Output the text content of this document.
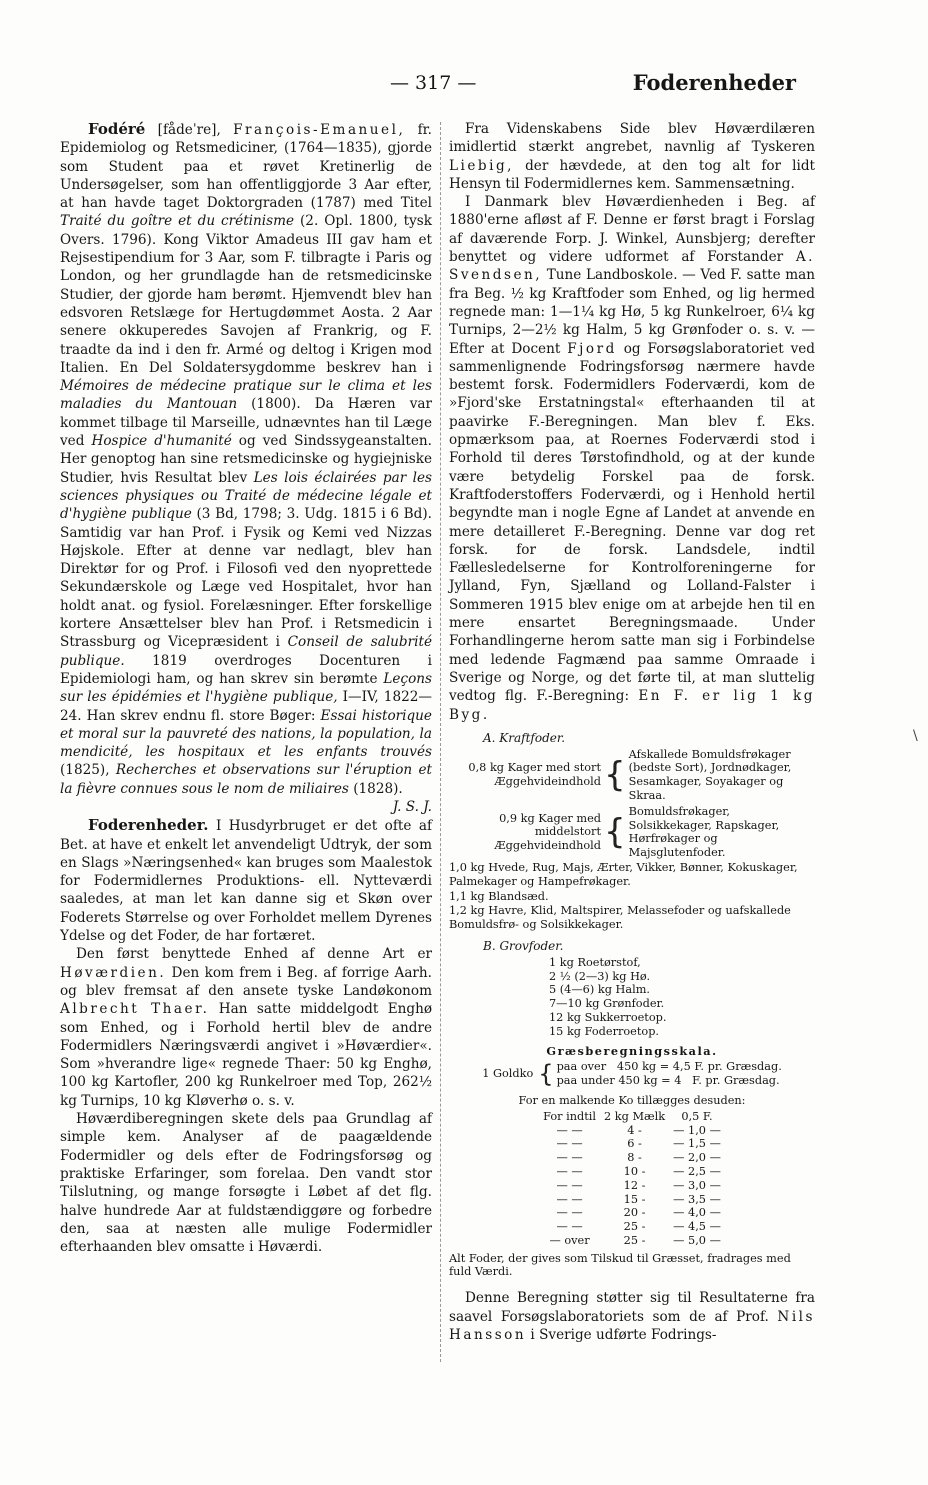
— 317 —	Foderenheder

Fodéré [fådeˈre], François-Emanuel, fr. Epidemiolog og Retsmediciner, (1764—1835), gjorde som Student paa et røvet Kretinerlig de Undersøgelser, som han offentliggjorde 3 Aar efter, at han havde taget Doktorgraden (1787) med Titel Traité du goître et du crétinisme (2. Opl. 1800, tysk Overs. 1796). Kong Viktor Amadeus III gav ham et Rejsestipendium for 3 Aar, som F. tilbragte i Paris og London, og her grundlagde han de retsmedicinske Studier, der gjorde ham berømt. Hjemvendt blev han edsvoren Retslæge for Hertugdømmet Aosta. 2 Aar senere okkuperedes Savojen af Frankrig, og F. traadte da ind i den fr. Armé og deltog i Krigen mod Italien. En Del Soldatersygdomme beskrev han i Mémoires de médecine pratique sur le clima et les maladies du Mantouan (1800). Da Hæren var kommet tilbage til Marseille, udnævntes han til Læge ved Hospice d'humanité og ved Sindssygeanstalten. Her genoptog han sine retsmedicinske og hygiejniske Studier, hvis Resultat blev Les lois éclairées par les sciences physiques ou Traité de médecine légale et d'hygiène publique (3 Bd, 1798; 3. Udg. 1815 i 6 Bd). Samtidig var han Prof. i Fysik og Kemi ved Nizzas Højskole. Efter at denne var nedlagt, blev han Direktør for og Prof. i Filosofi ved den nyoprettede Sekundærskole og Læge ved Hospitalet, hvor han holdt anat. og fysiol. Forelæsninger. Efter forskellige kortere Ansættelser blev han Prof. i Retsmedicin i Strassburg og Vicepræsident i Conseil de salubrité publique. 1819 overdroges Docenturen i Epidemiologi ham, og han skrev sin berømte Leçons sur les épidémies et l'hygiène publique, I—IV, 1822—24. Han skrev endnu fl. store Bøger: Essai historique et moral sur la pauvreté des nations, la population, la mendicité, les hospitaux et les enfants trouvés (1825), Recherches et observations sur l'éruption et la fièvre connues sous le nom de miliaires (1828).

J. S. J.

Foderenheder. I Husdyrbruget er det ofte af Bet. at have et enkelt let anvendeligt Udtryk, der som en Slags »Næringsenhed« kan bruges som Maalestok for Fodermidlernes Produktions- ell. Nytteværdi saaledes, at man let kan danne sig et Skøn over Foderets Størrelse og over Forholdet mellem Dyrenes Ydelse og det Foder, de har fortæret.

Den først benyttede Enhed af denne Art er Høværdien. Den kom frem i Beg. af forrige Aarh. og blev fremsat af den ansete tyske Landøkonom Albrecht Thaer. Han satte middelgodt Enghø som Enhed, og i Forhold hertil blev de andre Fodermidlers Næringsværdi angivet i »Høværdier«. Som »hverandre lige« regnede Thaer: 50 kg Enghø, 100 kg Kartofler, 200 kg Runkelroer med Top, 262½ kg Turnips, 10 kg Kløverhø o. s. v.

Høværdiberegningen skete dels paa Grundlag af simple kem. Analyser af de paagældende Fodermidler og dels efter de Fodringsforsøg og praktiske Erfaringer, som forelaa. Den vandt stor Tilslutning, og mange forsøgte i Løbet af det flg. halve hundrede Aar at fuldstændiggøre og forbedre den, saa at næsten alle mulige Fodermidler efterhaanden blev omsatte i Høværdi.

Fra Videnskabens Side blev Høværdilæren imidlertid stærkt angrebet, navnlig af Tyskeren Liebig, der hævdede, at den tog alt for lidt Hensyn til Fodermidlernes kem. Sammensætning.

I Danmark blev Høværdienheden i Beg. af 1880'erne afløst af F. Denne er først bragt i Forslag af daværende Forp. J. Winkel, Aunsbjerg; derefter benyttet og videre udformet af Forstander A. Svendsen, Tune Landboskole. — Ved F. satte man fra Beg. ½ kg Kraftfoder som Enhed, og lig hermed regnede man: 1—1¼ kg Hø, 5 kg Runkelroer, 6¼ kg Turnips, 2—2½ kg Halm, 5 kg Grønfoder o. s. v. — Efter at Docent Fjord og Forsøgslaboratoriet ved sammenlignende Fodringsforsøg nærmere havde bestemt forsk. Fodermidlers Foderværdi, kom de »Fjord'ske Erstatningstal« efterhaanden til at paavirke F.-Beregningen. Man blev f. Eks. opmærksom paa, at Roernes Foderværdi stod i Forhold til deres Tørstofindhold, og at der kunde være betydelig Forskel paa de forsk. Kraftfoderstoffers Foderværdi, og i Henhold hertil begyndte man i nogle Egne af Landet at anvende en mere detailleret F.-Beregning. Denne var dog ret forsk. for de forsk. Landsdele, indtil Fællesledelserne for Kontrolforeningerne for Jylland, Fyn, Sjælland og Lolland-Falster i Sommeren 1915 blev enige om at arbejde hen til en mere ensartet Beregningsmaade. Under Forhandlingerne herom satte man sig i Forbindelse med ledende Fagmænd paa samme Omraade i Sverige og Norge, og det førte til, at man sluttelig vedtog flg. F.-Beregning: En F. er lig 1 kg Byg.

A. Kraftfoder.
0,8 kg Kager med stort Æggehvideindhold {
Afskallede Bomuldsfrøkager (bedste Sort), Jordnødkager, Sesamkager, Soyakager og Skraa.
0,9 kg Kager med middelstort Æggehvideindhold {
Bomuldsfrøkager, Solsikkekager, Rapskager, Hørfrøkager og Majsglutenfoder.
1,0 kg Hvede, Rug, Majs, Ærter, Vikker, Bønner, Kokuskager, Palmekager og Hampefrøkager.
1,1 kg Blandsæd.
1,2 kg Havre, Klid, Maltspirer, Melassefoder og uafskallede Bomuldsfrø- og Solsikkekager.
B. Grovfoder.
1 kg Roetørstof,
2 ½ (2—3) kg Hø.
5 (4—6) kg Halm.
7—10 kg Grønfoder.
12 kg Sukkerroetop.
15 kg Foderroetop.
Græsberegningsskala.
1 Goldko { paa over   450 kg = 4,5 F. pr. Græsdag.
paa under 450 kg = 4   F. pr. Græsdag.
For en malkende Ko tillægges desuden:
For indtil	2 kg Mælk	0,5 F.
— —	4 -	— 1,0 —
— —	6 -	— 1,5 —
— —	8 -	— 2,0 —
— —	10 -	— 2,5 —
— —	12 -	— 3,0 —
— —	15 -	— 3,5 —
— —	20 -	— 4,0 —
— —	25 -	— 4,5 —
— over	25 -	— 5,0 —
Alt Foder, der gives som Tilskud til Græsset, fradrages med fuld Værdi.

Denne Beregning støtter sig til Resultaterne fra saavel Forsøgslaboratoriets som de af Prof. Nils Hansson i Sverige udførte Fodrings-

\
